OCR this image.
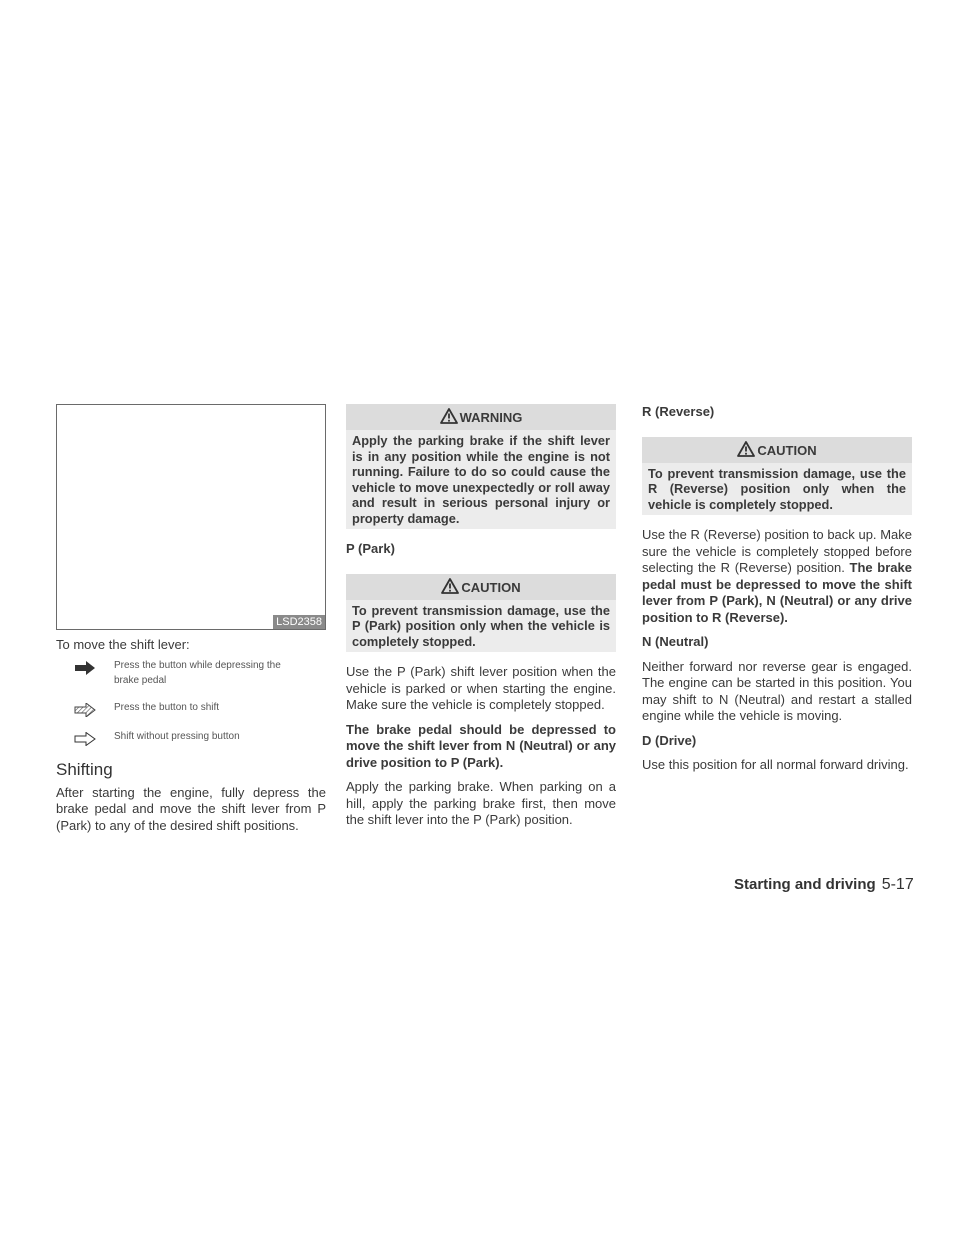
LSD2358

To move the shift lever:

Press the button while depressing the brake pedal
Press the button to shift
Shift without pressing button
Shifting

After starting the engine, fully depress the brake pedal and move the shift lever from P (Park) to any of the desired shift positions.

WARNING
Apply the parking brake if the shift lever is in any position while the engine is not running. Failure to do so could cause the vehicle to move unexpectedly or roll away and result in serious personal injury or property damage.

P (Park)

CAUTION
To prevent transmission damage, use the P (Park) position only when the vehicle is completely stopped.

Use the P (Park) shift lever position when the vehicle is parked or when starting the engine. Make sure the vehicle is completely stopped.

The brake pedal should be depressed to move the shift lever from N (Neutral) or any drive position to P (Park).

Apply the parking brake. When parking on a hill, apply the parking brake first, then move the shift lever into the P (Park) position.

R (Reverse)

CAUTION
To prevent transmission damage, use the R (Reverse) position only when the vehicle is completely stopped.

Use the R (Reverse) position to back up. Make sure the vehicle is completely stopped before selecting the R (Reverse) position. The brake pedal must be depressed to move the shift lever from P (Park), N (Neutral) or any drive position to R (Reverse).

N (Neutral)

Neither forward nor reverse gear is engaged. The engine can be started in this position. You may shift to N (Neutral) and restart a stalled engine while the vehicle is moving.

D (Drive)

Use this position for all normal forward driving.

Starting and driving 5-17
